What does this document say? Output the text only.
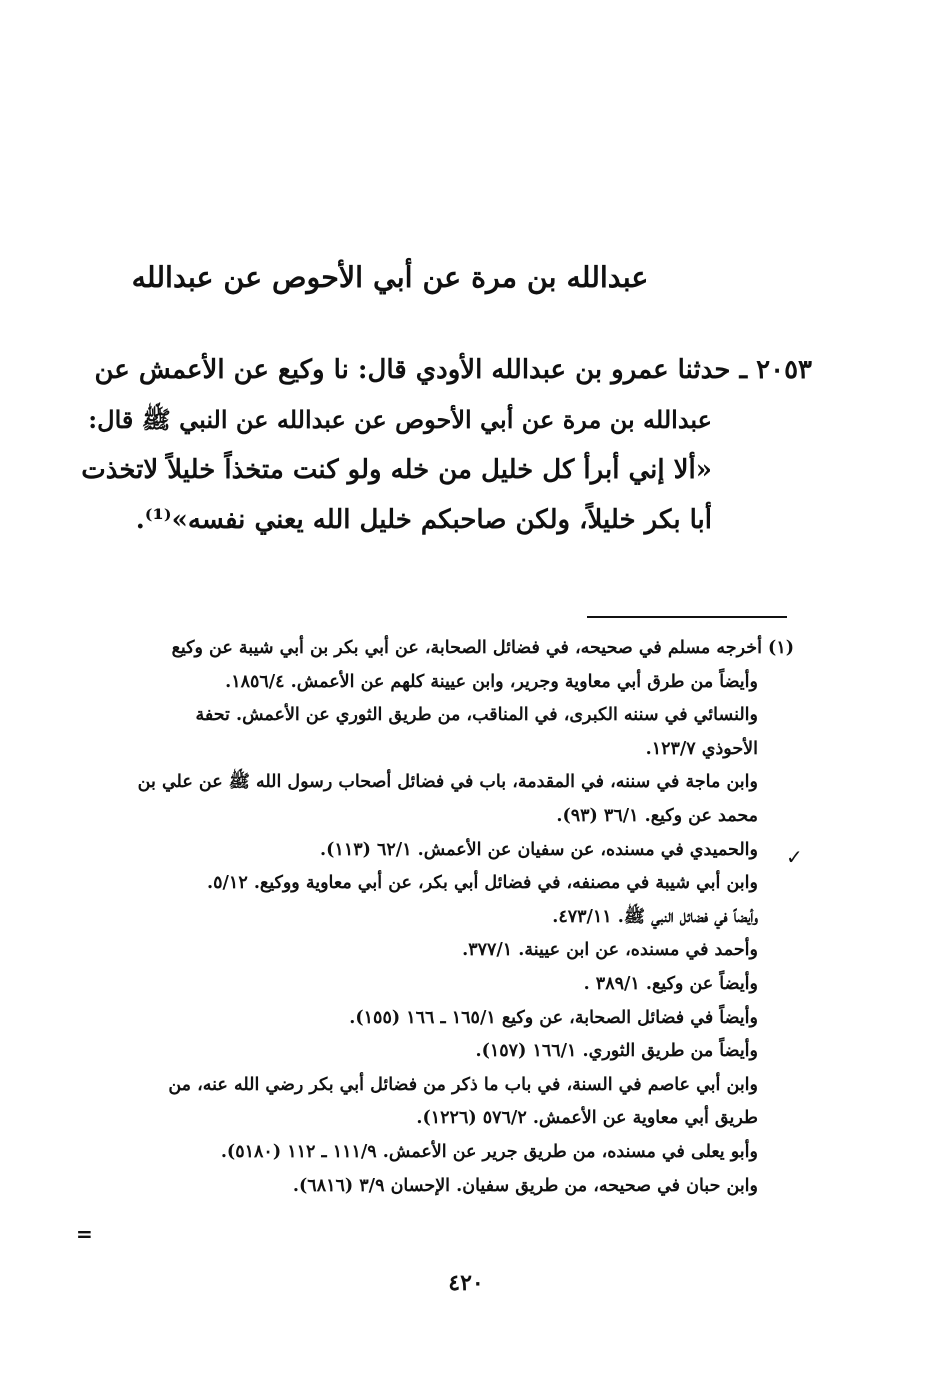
عبدالله بن مرة عن أبي الأحوص عن عبدالله
٢٠٥٣ ـ حدثنا عمرو بن عبدالله الأودي قال: نا وكيع عن الأعمش عن
عبدالله بن مرة عن أبي الأحوص عن عبدالله عن النبي ﷺ قال:
«ألا إني أبرأ كل خليل من خله ولو كنت متخذاً خليلاً لاتخذت
أبا بكر خليلاً، ولكن صاحبكم خليل الله يعني نفسه»⁽¹⁾.
(١) أخرجه مسلم في صحيحه، في فضائل الصحابة، عن أبي بكر بن أبي شيبة عن وكيع
وأيضاً من طرق أبي معاوية وجرير، وابن عيينة كلهم عن الأعمش. ١٨٥٦/٤.
والنسائي في سننه الكبرى، في المناقب، من طريق الثوري عن الأعمش. تحفة
الأحوذي ١٢٣/٧.
وابن ماجة في سننه، في المقدمة، باب في فضائل أصحاب رسول الله ﷺ عن علي بن
محمد عن وكيع. ٣٦/١ (٩٣).
والحميدي في مسنده، عن سفيان عن الأعمش. ٦٢/١ (١١٣).
وابن أبي شيبة في مصنفه، في فضائل أبي بكر، عن أبي معاوية ووكيع. ٥/١٢.
وأيضاً في فضائل النبي ﷺ. ٤٧٣/١١.
وأحمد في مسنده، عن ابن عيينة. ٣٧٧/١.
وأيضاً عن وكيع. ٣٨٩/١ .
وأيضاً في فضائل الصحابة، عن وكيع ١٦٥/١ ـ ١٦٦ (١٥٥).
وأيضاً من طريق الثوري. ١٦٦/١ (١٥٧).
وابن أبي عاصم في السنة، في باب ما ذكر من فضائل أبي بكر رضي الله عنه، من
طريق أبي معاوية عن الأعمش. ٥٧٦/٢ (١٢٢٦).
وأبو يعلى في مسنده، من طريق جرير عن الأعمش. ١١١/٩ ـ ١١٢ (٥١٨٠).
وابن حبان في صحيحه، من طريق سفيان. الإحسان ٣/٩ (٦٨١٦).
✓
=
٤٢٠
